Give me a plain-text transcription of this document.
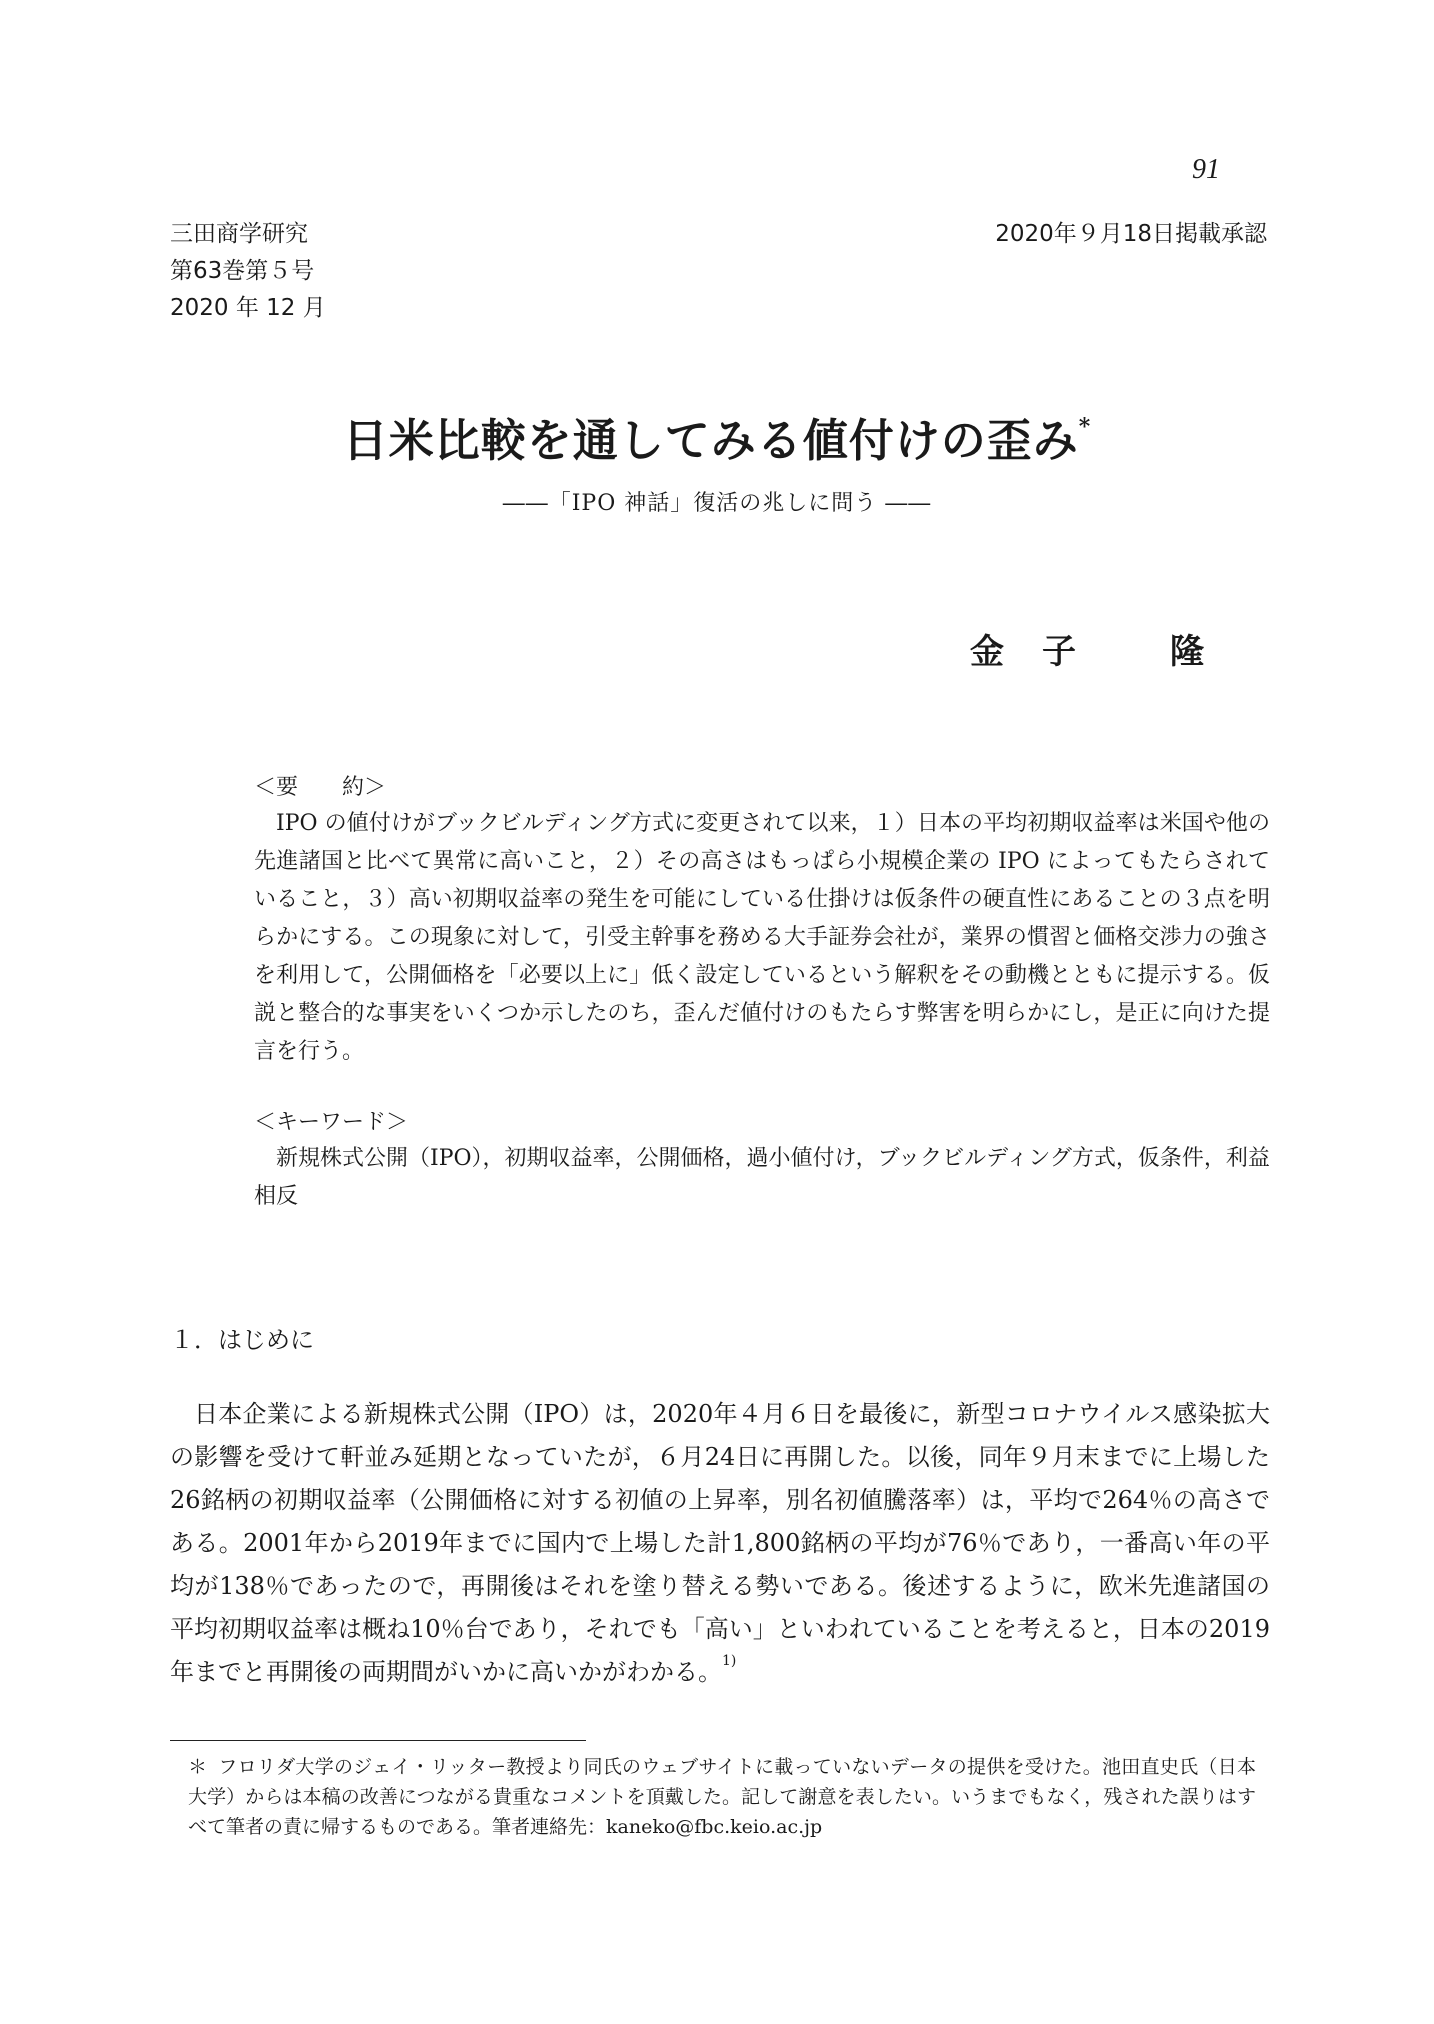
91
三田商学研究
第63巻第５号
2020 年 12 月
2020年９月18日掲載承認
日米比較を通してみる値付けの歪み*
――「IPO 神話」復活の兆しに問う ――
金　子	隆
＜要　　約＞
IPO の値付けがブックビルディング方式に変更されて以来，１）日本の平均初期収益率は米国や他の先進諸国と比べて異常に高いこと，２）その高さはもっぱら小規模企業の IPO によってもたらされていること，３）高い初期収益率の発生を可能にしている仕掛けは仮条件の硬直性にあることの３点を明らかにする。この現象に対して，引受主幹事を務める大手証券会社が，業界の慣習と価格交渉力の強さを利用して，公開価格を「必要以上に」低く設定しているという解釈をその動機とともに提示する。仮説と整合的な事実をいくつか示したのち，歪んだ値付けのもたらす弊害を明らかにし，是正に向けた提言を行う。
＜キーワード＞
新規株式公開（IPO），初期収益率，公開価格，過小値付け，ブックビルディング方式，仮条件，利益相反
１．はじめに
日本企業による新規株式公開（IPO）は，2020年４月６日を最後に，新型コロナウイルス感染拡大の影響を受けて軒並み延期となっていたが，６月24日に再開した。以後，同年９月末までに上場した26銘柄の初期収益率（公開価格に対する初値の上昇率，別名初値騰落率）は，平均で264％の高さである。2001年から2019年までに国内で上場した計1,800銘柄の平均が76％であり，一番高い年の平均が138％であったので，再開後はそれを塗り替える勢いである。後述するように，欧米先進諸国の平均初期収益率は概ね10％台であり，それでも「高い」といわれていることを考えると，日本の2019年までと再開後の両期間がいかに高いかがわかる。$^{1)}$
＊ フロリダ大学のジェイ・リッター教授より同氏のウェブサイトに載っていないデータの提供を受けた。池田直史氏（日本大学）からは本稿の改善につながる貴重なコメントを頂戴した。記して謝意を表したい。いうまでもなく，残された誤りはすべて筆者の責に帰するものである。筆者連絡先：kaneko@fbc.keio.ac.jp
